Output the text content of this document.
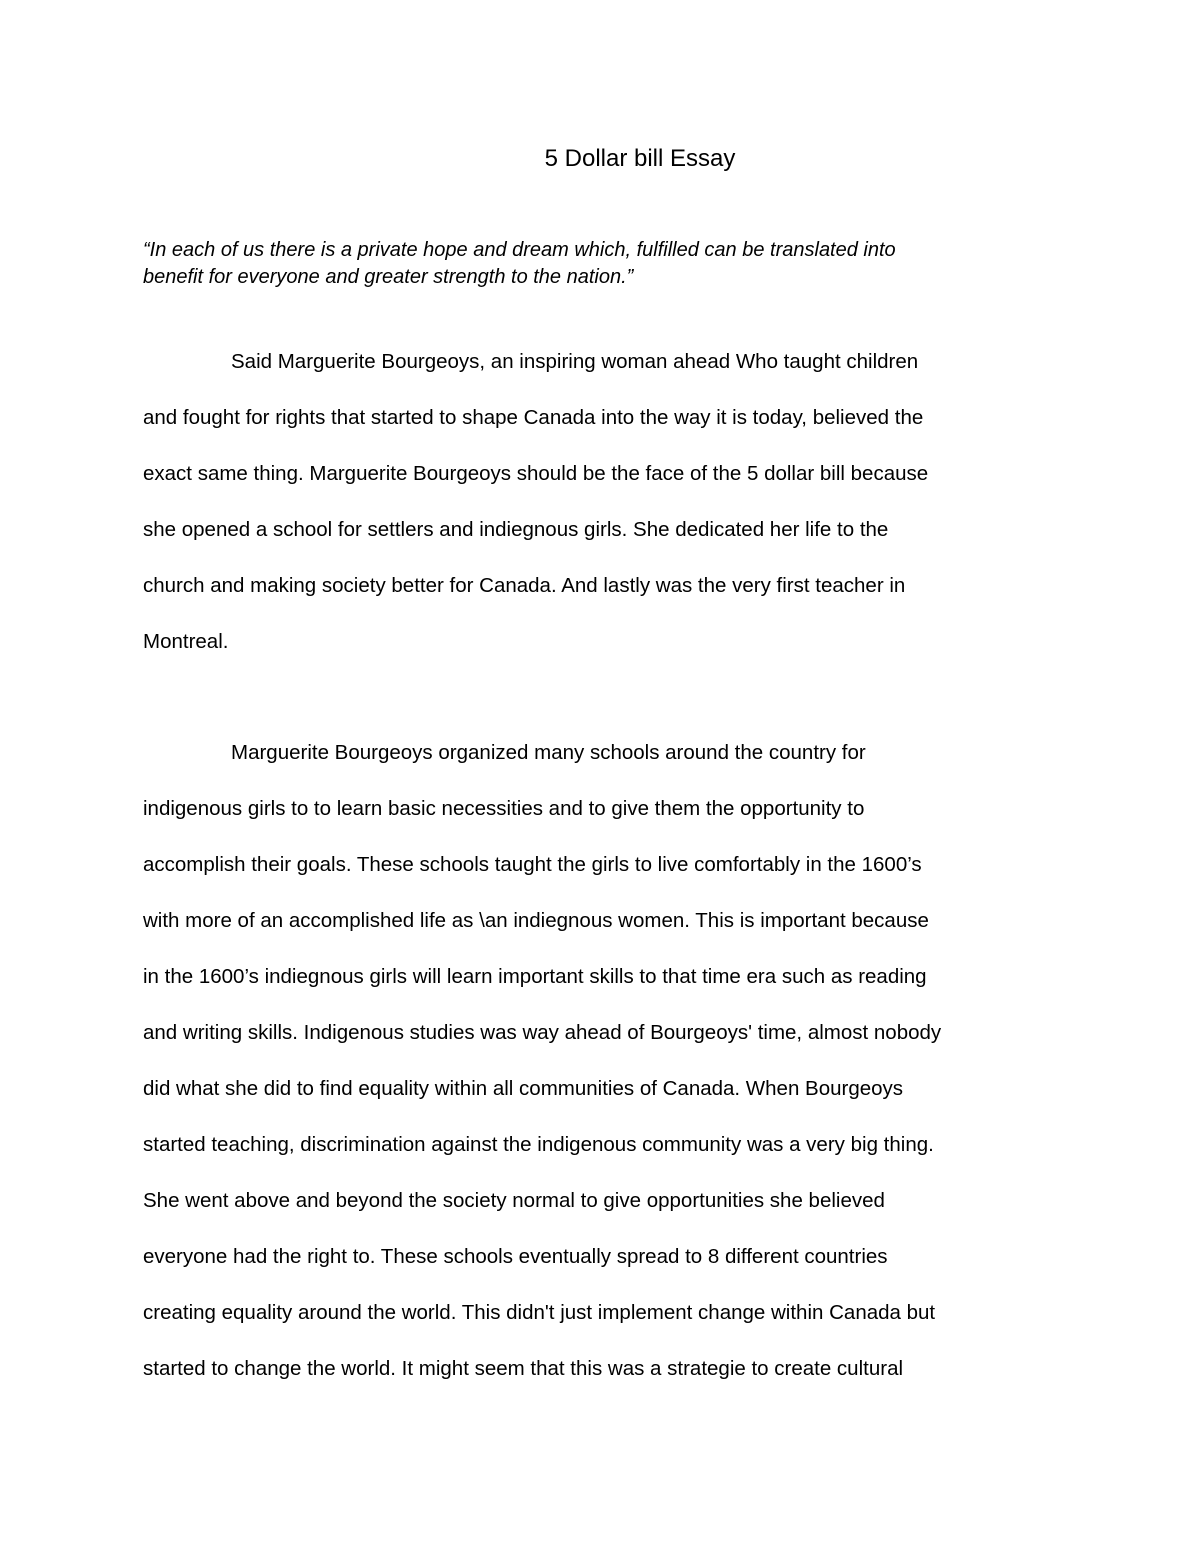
5 Dollar bill Essay

“In each of us there is a private hope and dream which, fulfilled can be translated into
benefit for everyone and greater strength to the nation.”

Said Marguerite Bourgeoys, an inspiring woman ahead Who taught children
and fought for rights that started to shape Canada into the way it is today, believed the
exact same thing. Marguerite Bourgeoys should be the face of the 5 dollar bill because
she opened a school for settlers and indiegnous girls. She dedicated her life to the
church and making society better for Canada. And lastly was the very first teacher in
Montreal.

Marguerite Bourgeoys organized many schools around the country for
indigenous girls to to learn basic necessities and to give them the opportunity to
accomplish their goals. These schools taught the girls to live comfortably in the 1600’s
with more of an accomplished life as \an indiegnous women. This is important because
in the 1600’s indiegnous girls will learn important skills to that time era such as reading
and writing skills. Indigenous studies was way ahead of Bourgeoys' time, almost nobody
did what she did to find equality within all communities of Canada. When Bourgeoys
started teaching, discrimination against the indigenous community was a very big thing.
She went above and beyond the society normal to give opportunities she believed
everyone had the right to. These schools eventually spread to 8 different countries
creating equality around the world. This didn't just implement change within Canada but
started to change the world. It might seem that this was a strategie to create cultural
